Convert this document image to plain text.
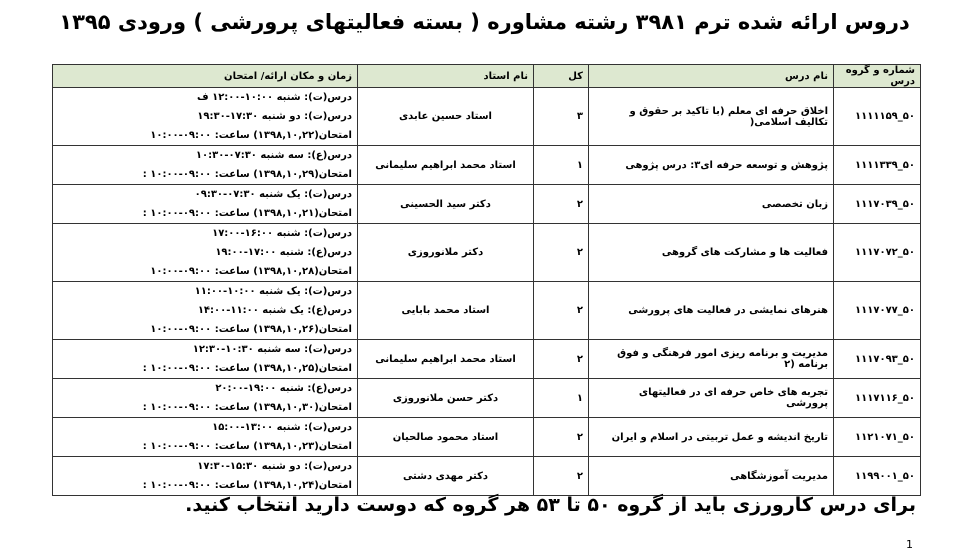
دروس ارائه شده ترم ۳۹۸۱ رشته مشاوره ( بسته فعالیتهای پرورشی ) ورودی ۱۳۹۵
شماره و گروه درس	نام درس	کل	نام استاد	زمان و مکان ارائه/ امتحان
۵۰_۱۱۱۱۱۵۹	اخلاق حرفه ای معلم (با تاکید بر حقوق و تکالیف اسلامی(	۳	استاد حسین عابدی	درس(ت): شنبه ۱۰:۰۰-۱۲:۰۰ ف
درس(ت): دو شنبه ۱۷:۳۰-۱۹:۳۰
امتحان(۱۳۹۸,۱۰,۲۲) ساعت: ۰۹:۰۰-۱۰:۰۰

۵۰_۱۱۱۱۳۳۹	پژوهش و توسعه حرفه ای۳: درس پژوهی	۱	استاد محمد ابراهیم سلیمانی	درس(ع): سه شنبه ۰۷:۳۰-۱۰:۳۰
امتحان(۱۳۹۸,۱۰,۲۹) ساعت: ۰۹:۰۰-۱۰:۰۰ :

۵۰_۱۱۱۷۰۳۹	زبان تخصصی	۲	دکتر سید الحسینی	درس(ت): یک شنبه ۰۷:۳۰-۰۹:۳۰
امتحان(۱۳۹۸,۱۰,۲۱) ساعت: ۰۹:۰۰-۱۰:۰۰ :

۵۰_۱۱۱۷۰۷۲	فعالیت ها و مشارکت های گروهی	۲	دکتر ملانوروزی	درس(ت): شنبه ۱۶:۰۰-۱۷:۰۰
درس(ع): شنبه ۱۷:۰۰-۱۹:۰۰
امتحان(۱۳۹۸,۱۰,۲۸) ساعت: ۰۹:۰۰-۱۰:۰۰

۵۰_۱۱۱۷۰۷۷	هنرهای نمایشی در فعالیت های پرورشی	۲	استاد محمد بابایی	درس(ت): یک شنبه ۱۰:۰۰-۱۱:۰۰
درس(ع): یک شنبه ۱۱:۰۰-۱۴:۰۰
امتحان(۱۳۹۸,۱۰,۲۶) ساعت: ۰۹:۰۰-۱۰:۰۰

۵۰_۱۱۱۷۰۹۳	مدیریت و برنامه ریزی امور فرهنگی و فوق برنامه (۲	۲	استاد محمد ابراهیم سلیمانی	درس(ت): سه شنبه ۱۰:۳۰-۱۲:۳۰
امتحان(۱۳۹۸,۱۰,۲۵) ساعت: ۰۹:۰۰-۱۰:۰۰ :

۵۰_۱۱۱۷۱۱۶	تجربه های خاص حرفه ای در فعالیتهای پرورشی	۱	دکتر حسن ملانوروزی	درس(ع): شنبه ۱۹:۰۰-۲۰:۰۰
امتحان(۱۳۹۸,۱۰,۳۰) ساعت: ۰۹:۰۰-۱۰:۰۰ :

۵۰_۱۱۲۱۰۷۱	تاریخ اندیشه و عمل تربیتی در اسلام و ایران	۲	استاد محمود صالحیان	درس(ت): شنبه ۱۳:۰۰-۱۵:۰۰
امتحان(۱۳۹۸,۱۰,۲۳) ساعت: ۰۹:۰۰-۱۰:۰۰ :

۵۰_۱۱۹۹۰۰۱	مدیریت آموزشگاهی	۲	دکتر مهدی دشتی	درس(ت): دو شنبه ۱۵:۳۰-۱۷:۳۰
امتحان(۱۳۹۸,۱۰,۲۴) ساعت: ۰۹:۰۰-۱۰:۰۰ :
برای درس کارورزی باید از گروه ۵۰ تا ۵۳ هر گروه که دوست دارید انتخاب کنید.
1
